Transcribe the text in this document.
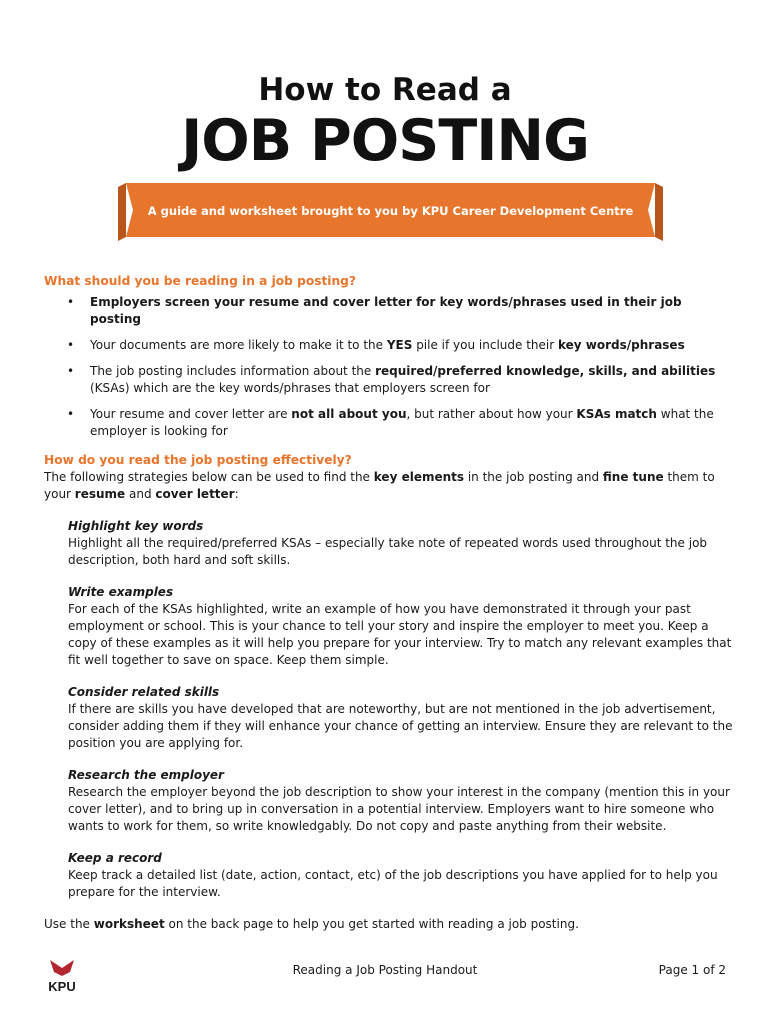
How to Read a
JOB POSTING
A guide and worksheet brought to you by KPU Career Development Centre

What should you be reading in a job posting?

• Employers screen your resume and cover letter for key words/phrases used in their job posting
• Your documents are more likely to make it to the YES pile if you include their key words/phrases
• The job posting includes information about the required/preferred knowledge, skills, and abilities (KSAs) which are the key words/phrases that employers screen for
• Your resume and cover letter are not all about you, but rather about how your KSAs match what the employer is looking for

How do you read the job posting effectively?

The following strategies below can be used to find the key elements in the job posting and fine tune them to your resume and cover letter:

Highlight key words

Highlight all the required/preferred KSAs – especially take note of repeated words used throughout the job description, both hard and soft skills.

Write examples

For each of the KSAs highlighted, write an example of how you have demonstrated it through your past employment or school. This is your chance to tell your story and inspire the employer to meet you. Keep a copy of these examples as it will help you prepare for your interview. Try to match any relevant examples that fit well together to save on space. Keep them simple.

Consider related skills

If there are skills you have developed that are noteworthy, but are not mentioned in the job advertisement, consider adding them if they will enhance your chance of getting an interview. Ensure they are relevant to the position you are applying for.

Research the employer

Research the employer beyond the job description to show your interest in the company (mention this in your cover letter), and to bring up in conversation in a potential interview. Employers want to hire someone who wants to work for them, so write knowledgably. Do not copy and paste anything from their website.

Keep a record

Keep track a detailed list (date, action, contact, etc) of the job descriptions you have applied for to help you prepare for the interview.

Use the worksheet on the back page to help you get started with reading a job posting.

KPU
Reading a Job Posting Handout	Page 1 of 2
